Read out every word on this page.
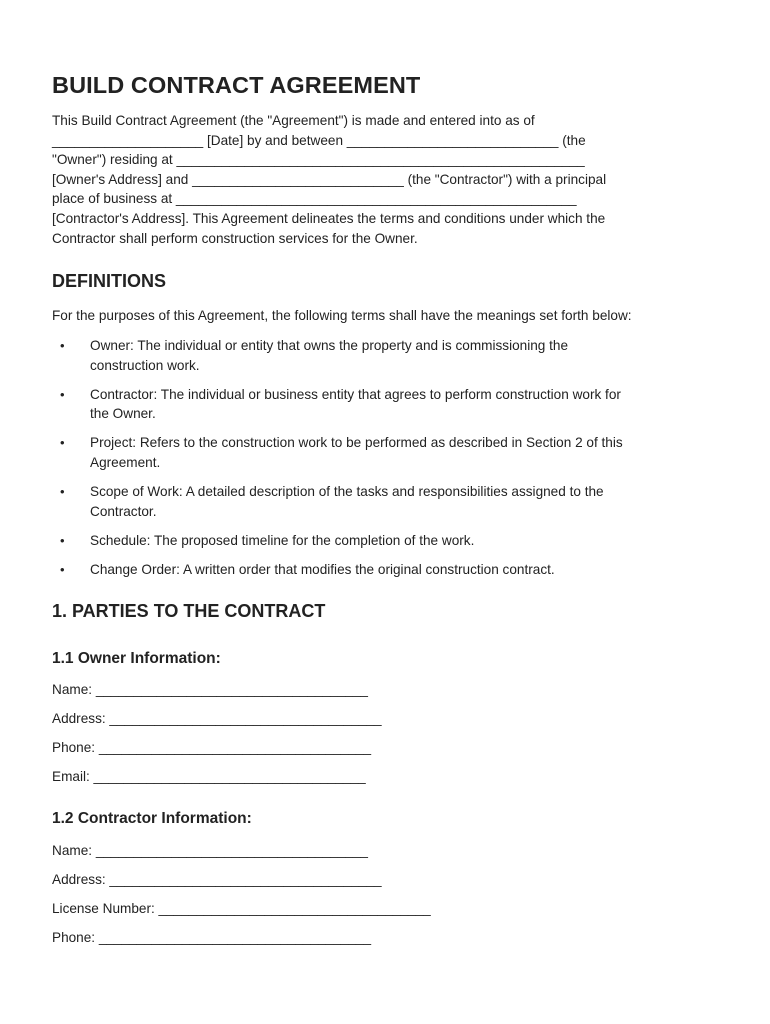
BUILD CONTRACT AGREEMENT
This Build Contract Agreement (the "Agreement") is made and entered into as of
____________________ [Date] by and between ____________________________ (the
"Owner") residing at ______________________________________________________
[Owner's Address] and ____________________________ (the "Contractor") with a principal
place of business at _____________________________________________________
[Contractor's Address]. This Agreement delineates the terms and conditions under which the
Contractor shall perform construction services for the Owner.
DEFINITIONS

For the purposes of this Agreement, the following terms shall have the meanings set forth below:

• Owner: The individual or entity that owns the property and is commissioning the
construction work.
• Contractor: The individual or business entity that agrees to perform construction work for
the Owner.
• Project: Refers to the construction work to be performed as described in Section 2 of this
Agreement.
• Scope of Work: A detailed description of the tasks and responsibilities assigned to the
Contractor.
• Schedule: The proposed timeline for the completion of the work.
• Change Order: A written order that modifies the original construction contract.
1. PARTIES TO THE CONTRACT
1.1 Owner Information:
Name: ____________________________________
Address: ____________________________________
Phone: ____________________________________
Email: ____________________________________
1.2 Contractor Information:
Name: ____________________________________
Address: ____________________________________
License Number: ____________________________________
Phone: ____________________________________
